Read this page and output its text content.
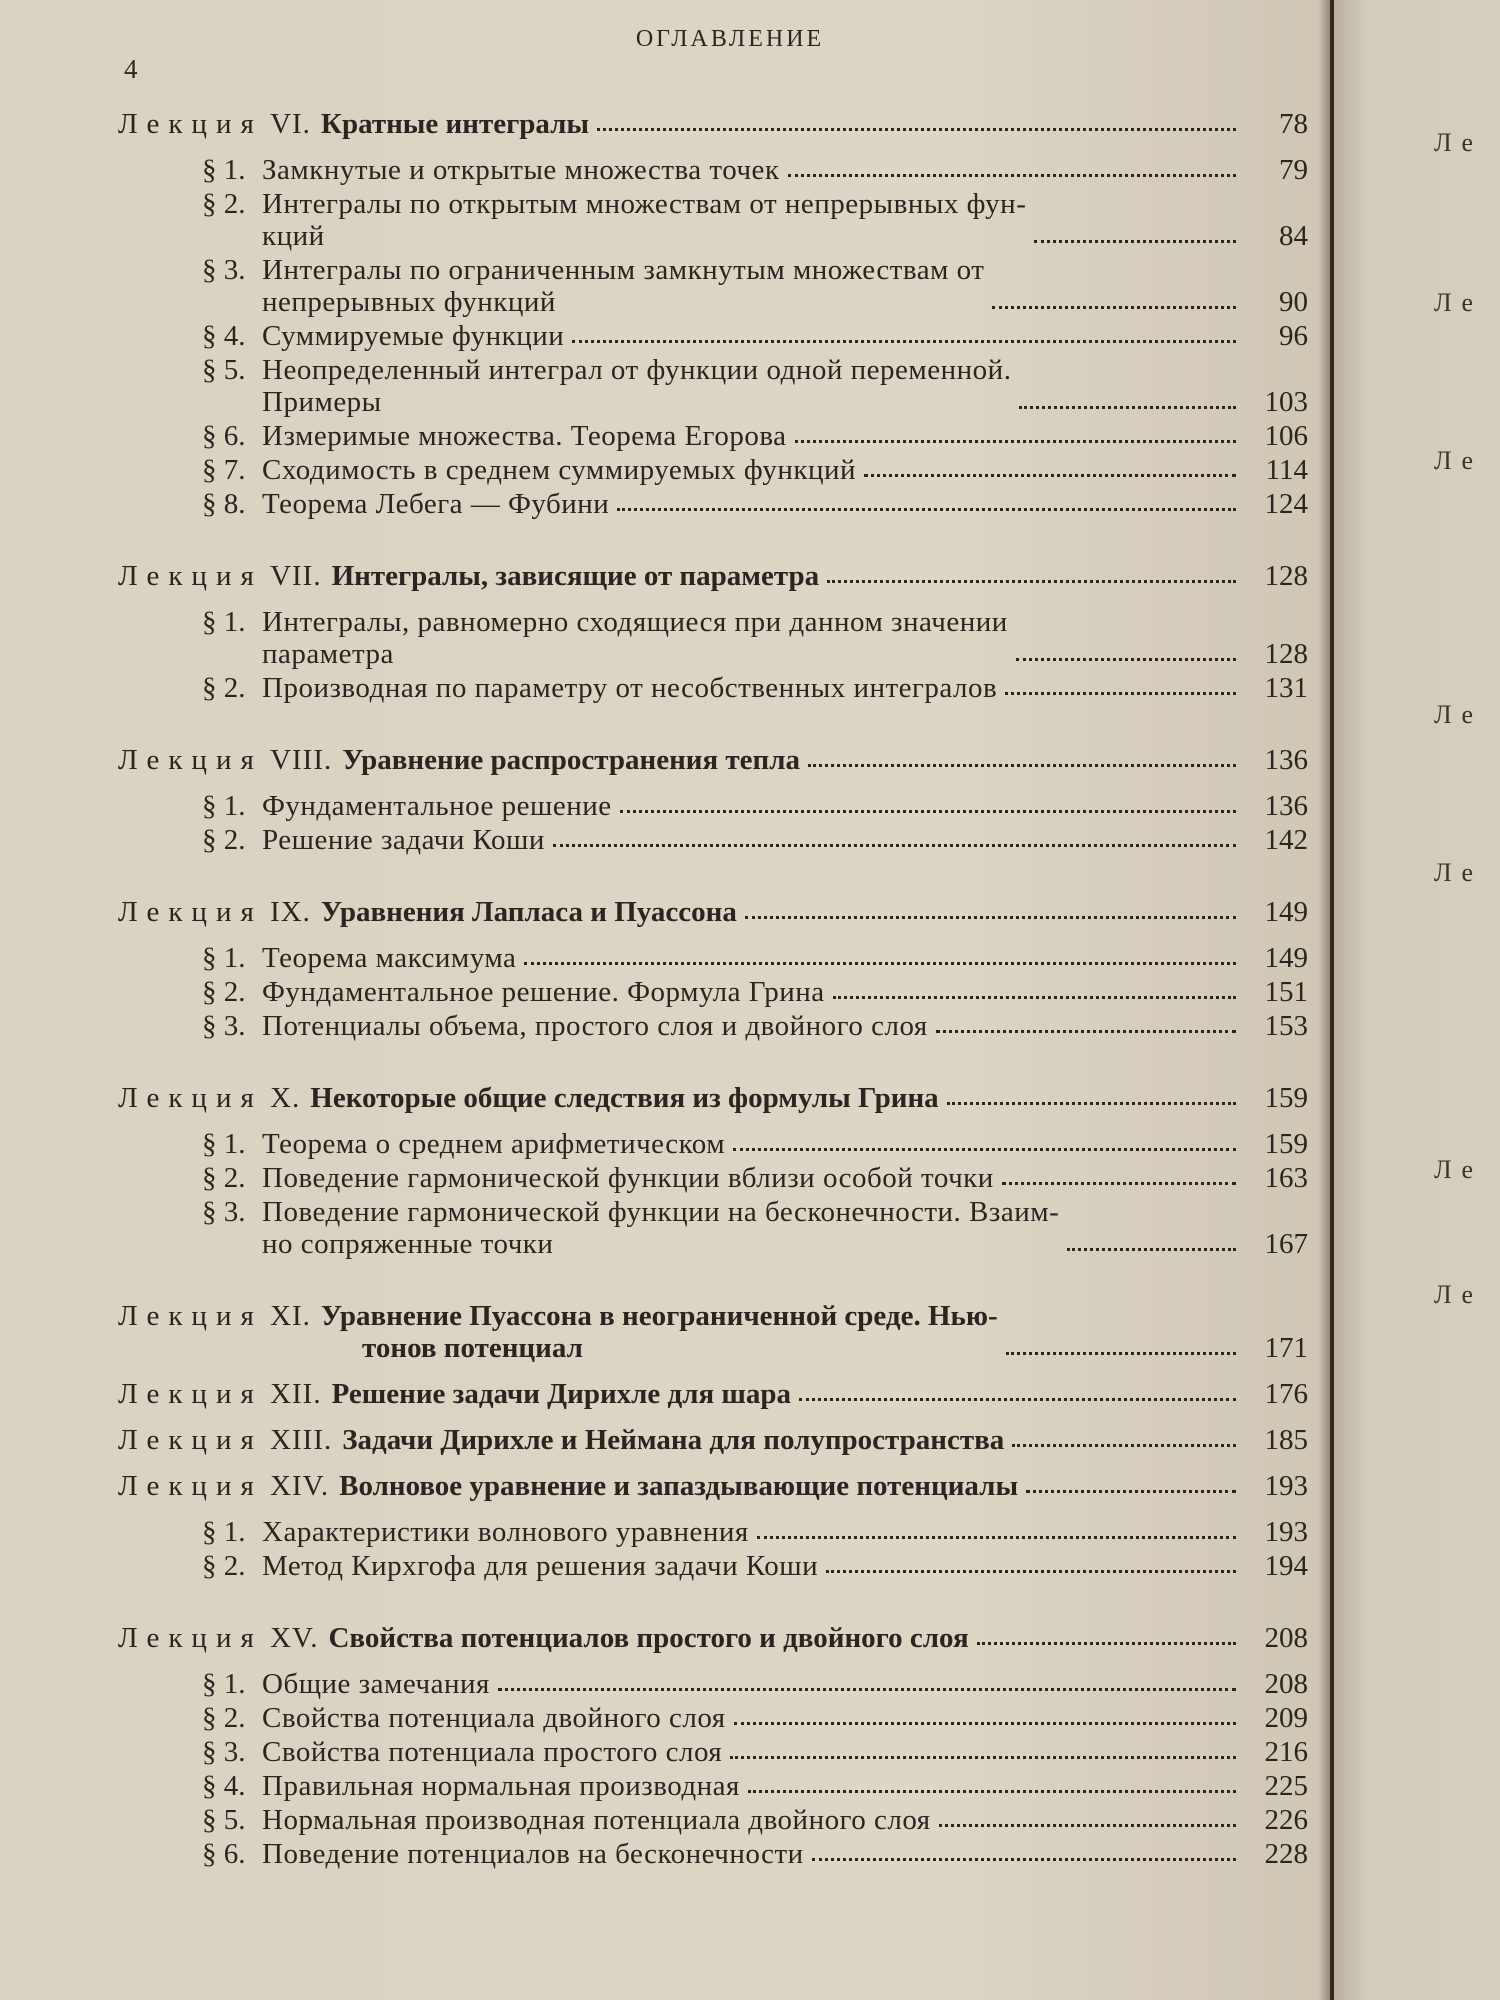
4
ОГЛАВЛЕНИЕ
Лекция VI. Кратные интегралы	78
§ 1. Замкнутые и открытые множества точек	79
§ 2. Интегралы по открытым множествам от непрерывных фун-
кций	84
§ 3. Интегралы по ограниченным замкнутым множествам от
непрерывных функций	90
§ 4. Суммируемые функции	96
§ 5. Неопределенный интеграл от функции одной переменной.
Примеры	103
§ 6. Измеримые множества. Теорема Егорова	106
§ 7. Сходимость в среднем суммируемых функций	114
§ 8. Теорема Лебега — Фубини	124
Лекция VII. Интегралы, зависящие от параметра	128
§ 1. Интегралы, равномерно сходящиеся при данном значении
параметра	128
§ 2. Производная по параметру от несобственных интегралов	131
Лекция VIII. Уравнение распространения тепла	136
§ 1. Фундаментальное решение	136
§ 2. Решение задачи Коши	142
Лекция IX. Уравнения Лапласа и Пуассона	149
§ 1. Теорема максимума	149
§ 2. Фундаментальное решение. Формула Грина	151
§ 3. Потенциалы объема, простого слоя и двойного слоя	153
Лекция X. Некоторые общие следствия из формулы Грина	159
§ 1. Теорема о среднем арифметическом	159
§ 2. Поведение гармонической функции вблизи особой точки	163
§ 3. Поведение гармонической функции на бесконечности. Взаим-
но сопряженные точки	167
Лекция XI. Уравнение Пуассона в неограниченной среде. Нью-
тонов потенциал	171
Лекция XII. Решение задачи Дирихле для шара	176
Лекция XIII. Задачи Дирихле и Неймана для полупространства	185
Лекция XIV. Волновое уравнение и запаздывающие потенциалы	193
§ 1. Характеристики волнового уравнения	193
§ 2. Метод Кирхгофа для решения задачи Коши	194
Лекция XV. Свойства потенциалов простого и двойного слоя	208
§ 1. Общие замечания	208
§ 2. Свойства потенциала двойного слоя	209
§ 3. Свойства потенциала простого слоя	216
§ 4. Правильная нормальная производная	225
§ 5. Нормальная производная потенциала двойного слоя	226
§ 6. Поведение потенциалов на бесконечности	228
Ле
Ле
Ле
Ле
Ле
Ле
Ле
